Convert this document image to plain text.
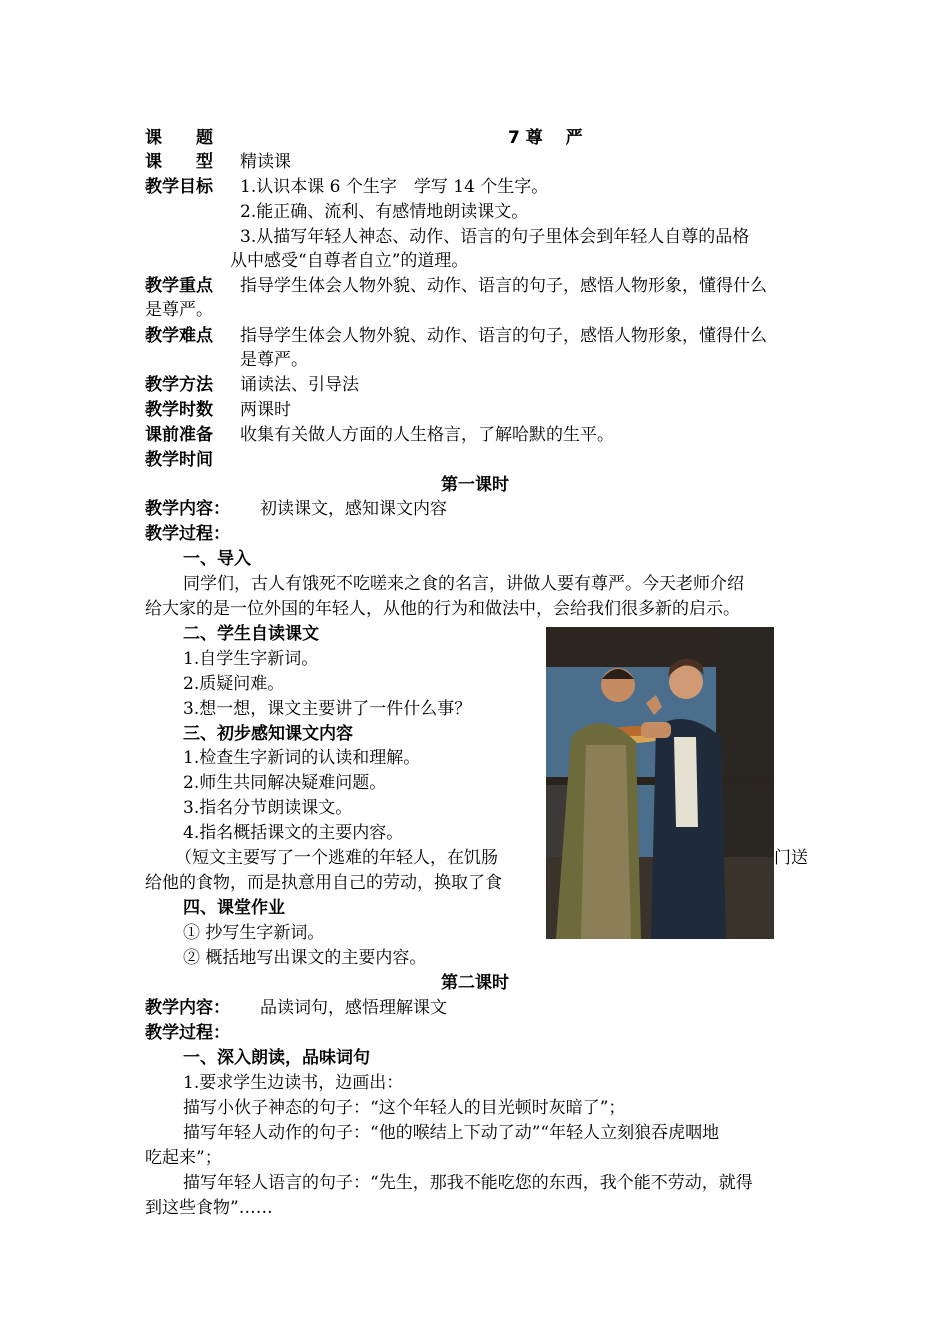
课　　题	7 尊　 严
课　　型 精读课
教学目标 1.认识本课 6 个生字　学写 14 个生字。
2.能正确、流利、有感情地朗读课文。
3.从描写年轻人神态、动作、语言的句子里体会到年轻人自尊的品格
从中感受“自尊者自立”的道理。
教学重点 指导学生体会人物外貌、动作、语言的句子，感悟人物形象，懂得什么
是尊严。
教学难点 指导学生体会人物外貌、动作、语言的句子，感悟人物形象，懂得什么
是尊严。
教学方法 诵读法、引导法
教学时数 两课时
课前准备 收集有关做人方面的人生格言，了解哈默的生平。
教学时间
第一课时
教学内容： 初读课文，感知课文内容
教学过程：
一、导入
同学们，古人有饿死不吃嗟来之食的名言，讲做人要有尊严。今天老师介绍
给大家的是一位外国的年轻人，从他的行为和做法中，会给我们很多新的启示。
二、学生自读课文
1.自学生字新词。
2.质疑问难。
3.想一想，课文主要讲了一件什么事？
三、初步感知课文内容
1.检查生字新词的认读和理解。
2.师生共同解决疑难问题。
3.指名分节朗读课文。
4.指名概括课文的主要内容。
（短文主要写了一个逃难的年轻人，在饥肠	门送
给他的食物，而是执意用自己的劳动，换取了食
四、课堂作业
① 抄写生字新词。
② 概括地写出课文的主要内容。
第二课时
教学内容： 品读词句，感悟理解课文
教学过程：
一、深入朗读，品味词句
1.要求学生边读书，边画出：
描写小伙子神态的句子：“这个年轻人的目光顿时灰暗了”；
描写年轻人动作的句子：“他的喉结上下动了动”“年轻人立刻狼吞虎咽地
吃起来”；
描写年轻人语言的句子：“先生，那我不能吃您的东西，我个能不劳动，就得
到这些食物”……
